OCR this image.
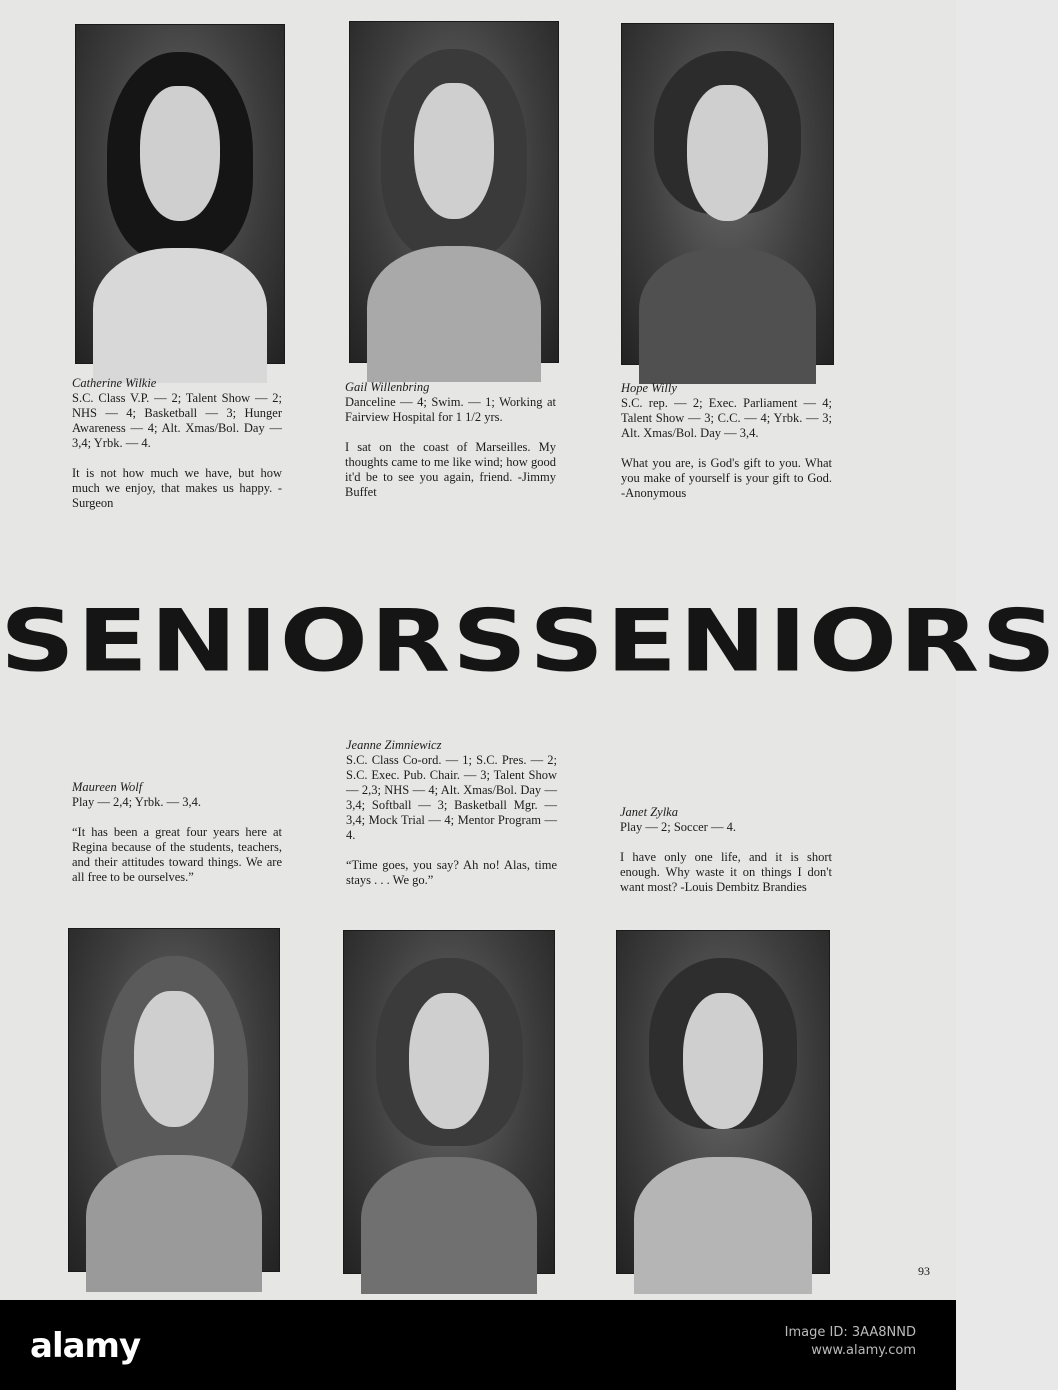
Catherine Wilkie
S.C. Class V.P. — 2; Talent Show — 2; NHS — 4; Basketball — 3; Hunger Awareness — 4; Alt. Xmas/Bol. Day — 3,4; Yrbk. — 4.
It is not how much we have, but how much we enjoy, that makes us happy. -Surgeon
Gail Willenbring
Danceline — 4; Swim. — 1; Working at Fairview Hospital for 1 1/2 yrs.
I sat on the coast of Marseilles. My thoughts came to me like wind; how good it'd be to see you again, friend. -Jimmy Buffet
Hope Willy
S.C. rep. — 2; Exec. Parliament — 4; Talent Show — 3; C.C. — 4; Yrbk. — 3; Alt. Xmas/Bol. Day — 3,4.
What you are, is God's gift to you. What you make of yourself is your gift to God. -Anonymous
SENIORS SENIORS
Maureen Wolf
Play — 2,4; Yrbk. — 3,4.
“It has been a great four years here at Regina because of the students, teachers, and their attitudes toward things. We are all free to be ourselves.”
Jeanne Zimniewicz
S.C. Class Co-ord. — 1; S.C. Pres. — 2; S.C. Exec. Pub. Chair. — 3; Talent Show — 2,3; NHS — 4; Alt. Xmas/Bol. Day — 3,4; Softball — 3; Basketball Mgr. — 3,4; Mock Trial — 4; Mentor Program — 4.
“Time goes, you say? Ah no! Alas, time stays . . . We go.”
Janet Zylka
Play — 2; Soccer — 4.
I have only one life, and it is short enough. Why waste it on things I don't want most? -Louis Dembitz Brandies
93
alamy	Image ID: 3AA8NND
www.alamy.com
